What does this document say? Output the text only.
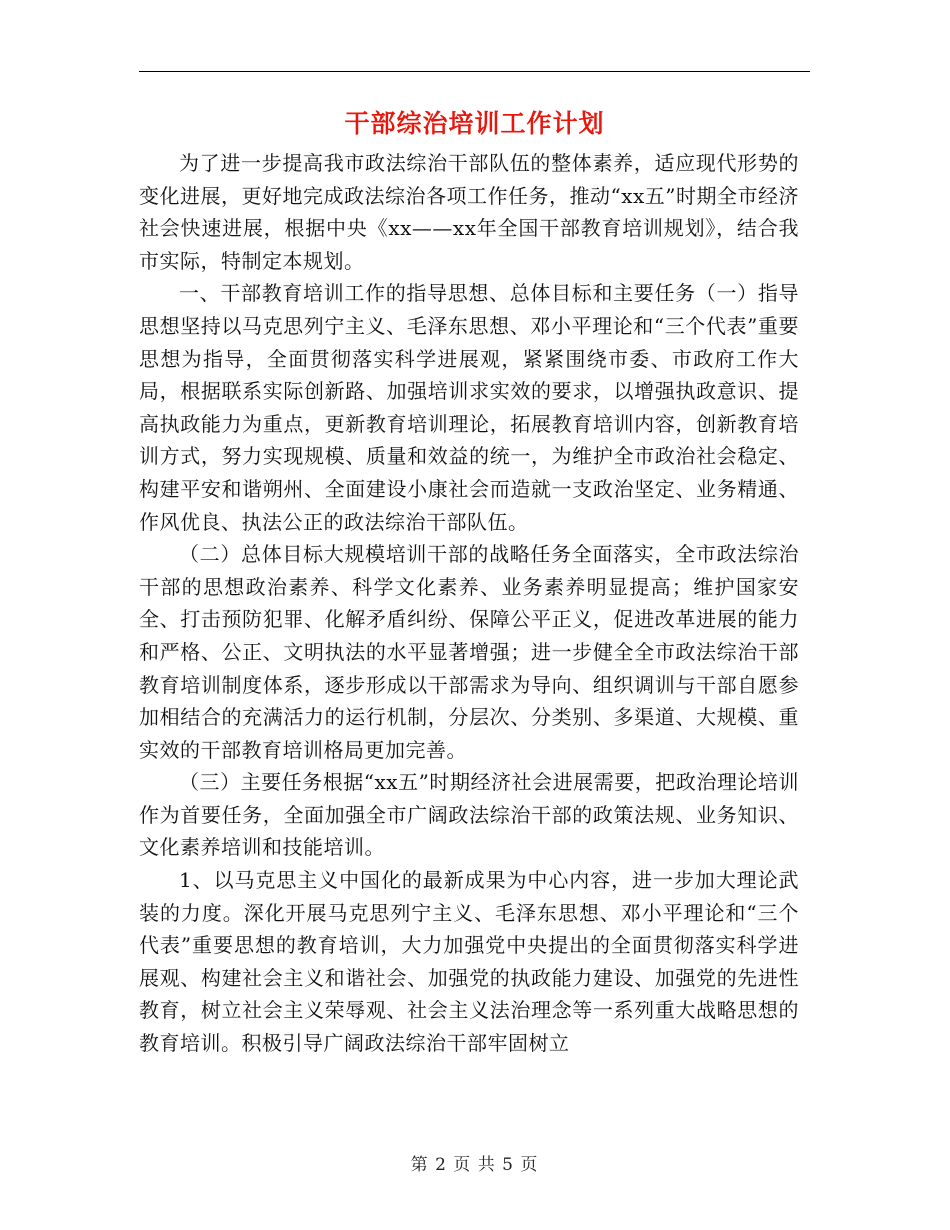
干部综治培训工作计划

为了进一步提高我市政法综治干部队伍的整体素养，适应现代形势的变化进展，更好地完成政法综治各项工作任务，推动“xx五”时期全市经济社会快速进展，根据中央《xx——xx年全国干部教育培训规划》，结合我市实际，特制定本规划。

一、干部教育培训工作的指导思想、总体目标和主要任务（一）指导思想坚持以马克思列宁主义、毛泽东思想、邓小平理论和“三个代表”重要思想为指导，全面贯彻落实科学进展观，紧紧围绕市委、市政府工作大局，根据联系实际创新路、加强培训求实效的要求，以增强执政意识、提高执政能力为重点，更新教育培训理论，拓展教育培训内容，创新教育培训方式，努力实现规模、质量和效益的统一，为维护全市政治社会稳定、构建平安和谐朔州、全面建设小康社会而造就一支政治坚定、业务精通、作风优良、执法公正的政法综治干部队伍。

（二）总体目标大规模培训干部的战略任务全面落实，全市政法综治干部的思想政治素养、科学文化素养、业务素养明显提高；维护国家安全、打击预防犯罪、化解矛盾纠纷、保障公平正义，促进改革进展的能力和严格、公正、文明执法的水平显著增强；进一步健全全市政法综治干部教育培训制度体系，逐步形成以干部需求为导向、组织调训与干部自愿参加相结合的充满活力的运行机制，分层次、分类别、多渠道、大规模、重实效的干部教育培训格局更加完善。

（三）主要任务根据“xx五”时期经济社会进展需要，把政治理论培训作为首要任务，全面加强全市广阔政法综治干部的政策法规、业务知识、文化素养培训和技能培训。

1、以马克思主义中国化的最新成果为中心内容，进一步加大理论武装的力度。深化开展马克思列宁主义、毛泽东思想、邓小平理论和“三个代表”重要思想的教育培训，大力加强党中央提出的全面贯彻落实科学进展观、构建社会主义和谐社会、加强党的执政能力建设、加强党的先进性教育，树立社会主义荣辱观、社会主义法治理念等一系列重大战略思想的教育培训。积极引导广阔政法综治干部牢固树立

第 2 页 共 5 页
